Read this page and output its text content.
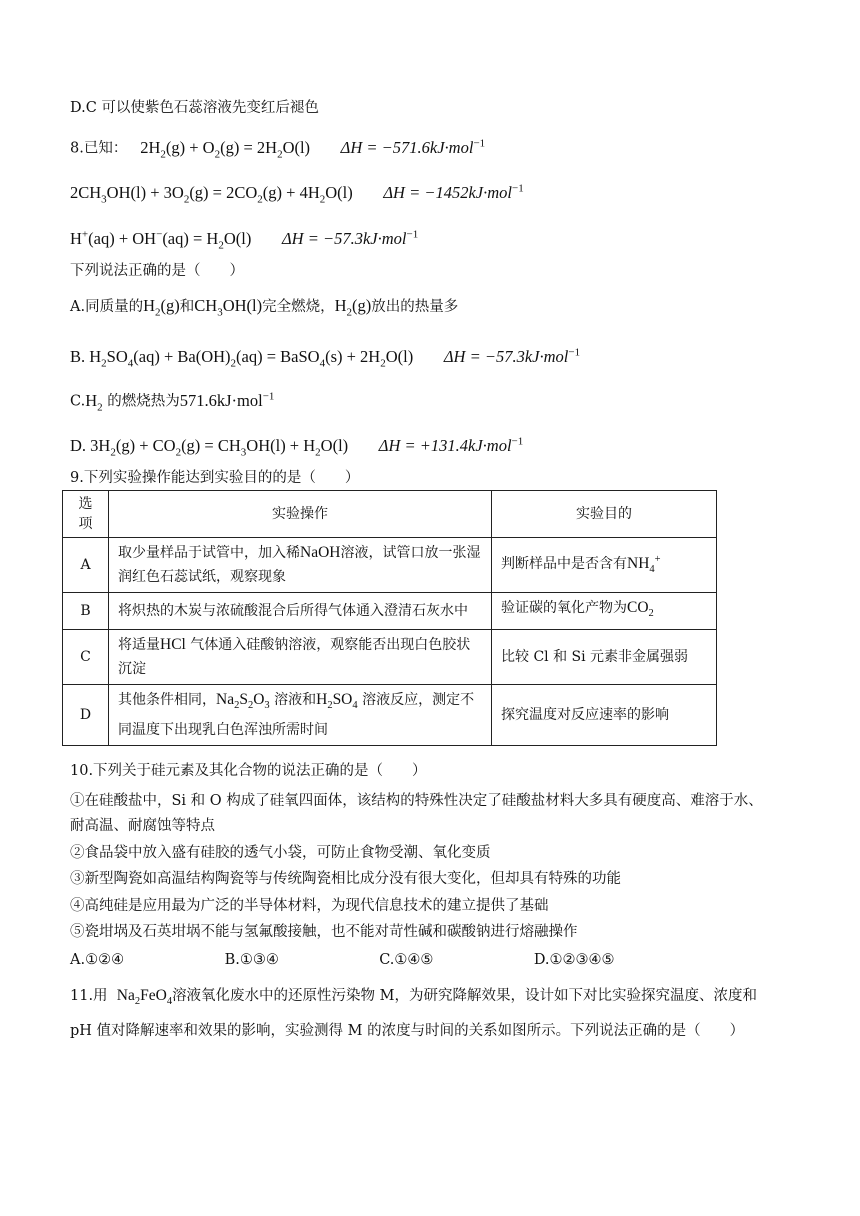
D.C 可以使紫色石蕊溶液先变红后褪色
8.已知：   $2H_2(g) + O_2(g) = 2H_2O(l) \Delta H = -571.6kJ\cdot mol^{-1}$
$2CH_3OH(l) + 3O_2(g) = 2CO_2(g) + 4H_2O(l) \Delta H = -1452kJ\cdot mol^{-1}$
$H^+(aq) + OH^-(aq) = H_2O(l) \Delta H = -57.3kJ\cdot mol^{-1}$
下列说法正确的是（　　）
A.同质量的$H_2(g)$和$CH_3OH(l)$完全燃烧，$H_2(g)$放出的热量多
B. $H_2SO_4(aq) + Ba(OH)_2(aq)$ = BaSO$_4$(s) + $2H_2O(l) \Delta H = -57.3kJ\cdot mol^{-1}$
$C.H_2$ 的燃烧热为571.6kJ·mol$^{-1}$
D. $3H_2(g) + CO_2(g) = CH_3OH(l) + H_2O(l) \Delta H = +131.4kJ\cdot mol^{-1}$
9.下列实验操作能达到实验目的的是（　　）
选项	实验操作	实验目的
A	取少量样品于试管中，加入稀NaOH溶液，试管口放一张湿润红色石蕊试纸，观察现象	判断样品中是否含有$NH_4^+$
B	将炽热的木炭与浓硫酸混合后所得气体通入澄清石灰水中	验证碳的氧化产物为$CO_2$
C	将适量HCl 气体通入硅酸钠溶液，观察能否出现白色胶状沉淀	比较 Cl 和 Si 元素非金属强弱
D	其他条件相同，$Na_2S_2O_3$ 溶液和$H_2SO_4$ 溶液反应，测定不同温度下出现乳白色浑浊所需时间	探究温度对反应速率的影响
10.下列关于硅元素及其化合物的说法正确的是（　　）
①在硅酸盐中，Si 和 O 构成了硅氧四面体，该结构的特殊性决定了硅酸盐材料大多具有硬度高、难溶于水、
耐高温、耐腐蚀等特点
②食品袋中放入盛有硅胶的透气小袋，可防止食物受潮、氧化变质
③新型陶瓷如高温结构陶瓷等与传统陶瓷相比成分没有很大变化，但却具有特殊的功能
④高纯硅是应用最为广泛的半导体材料，为现代信息技术的建立提供了基础
⑤瓷坩埚及石英坩埚不能与氢氟酸接触，也不能对苛性碱和碳酸钠进行熔融操作
A.①②④	B.①③④	C.①④⑤	D.①②③④⑤
11.用 $Na_2FeO_4$溶液氧化废水中的还原性污染物 M，为研究降解效果，设计如下对比实验探究温度、浓度和
pH 值对降解速率和效果的影响，实验测得 M 的浓度与时间的关系如图所示。下列说法正确的是（　　）
